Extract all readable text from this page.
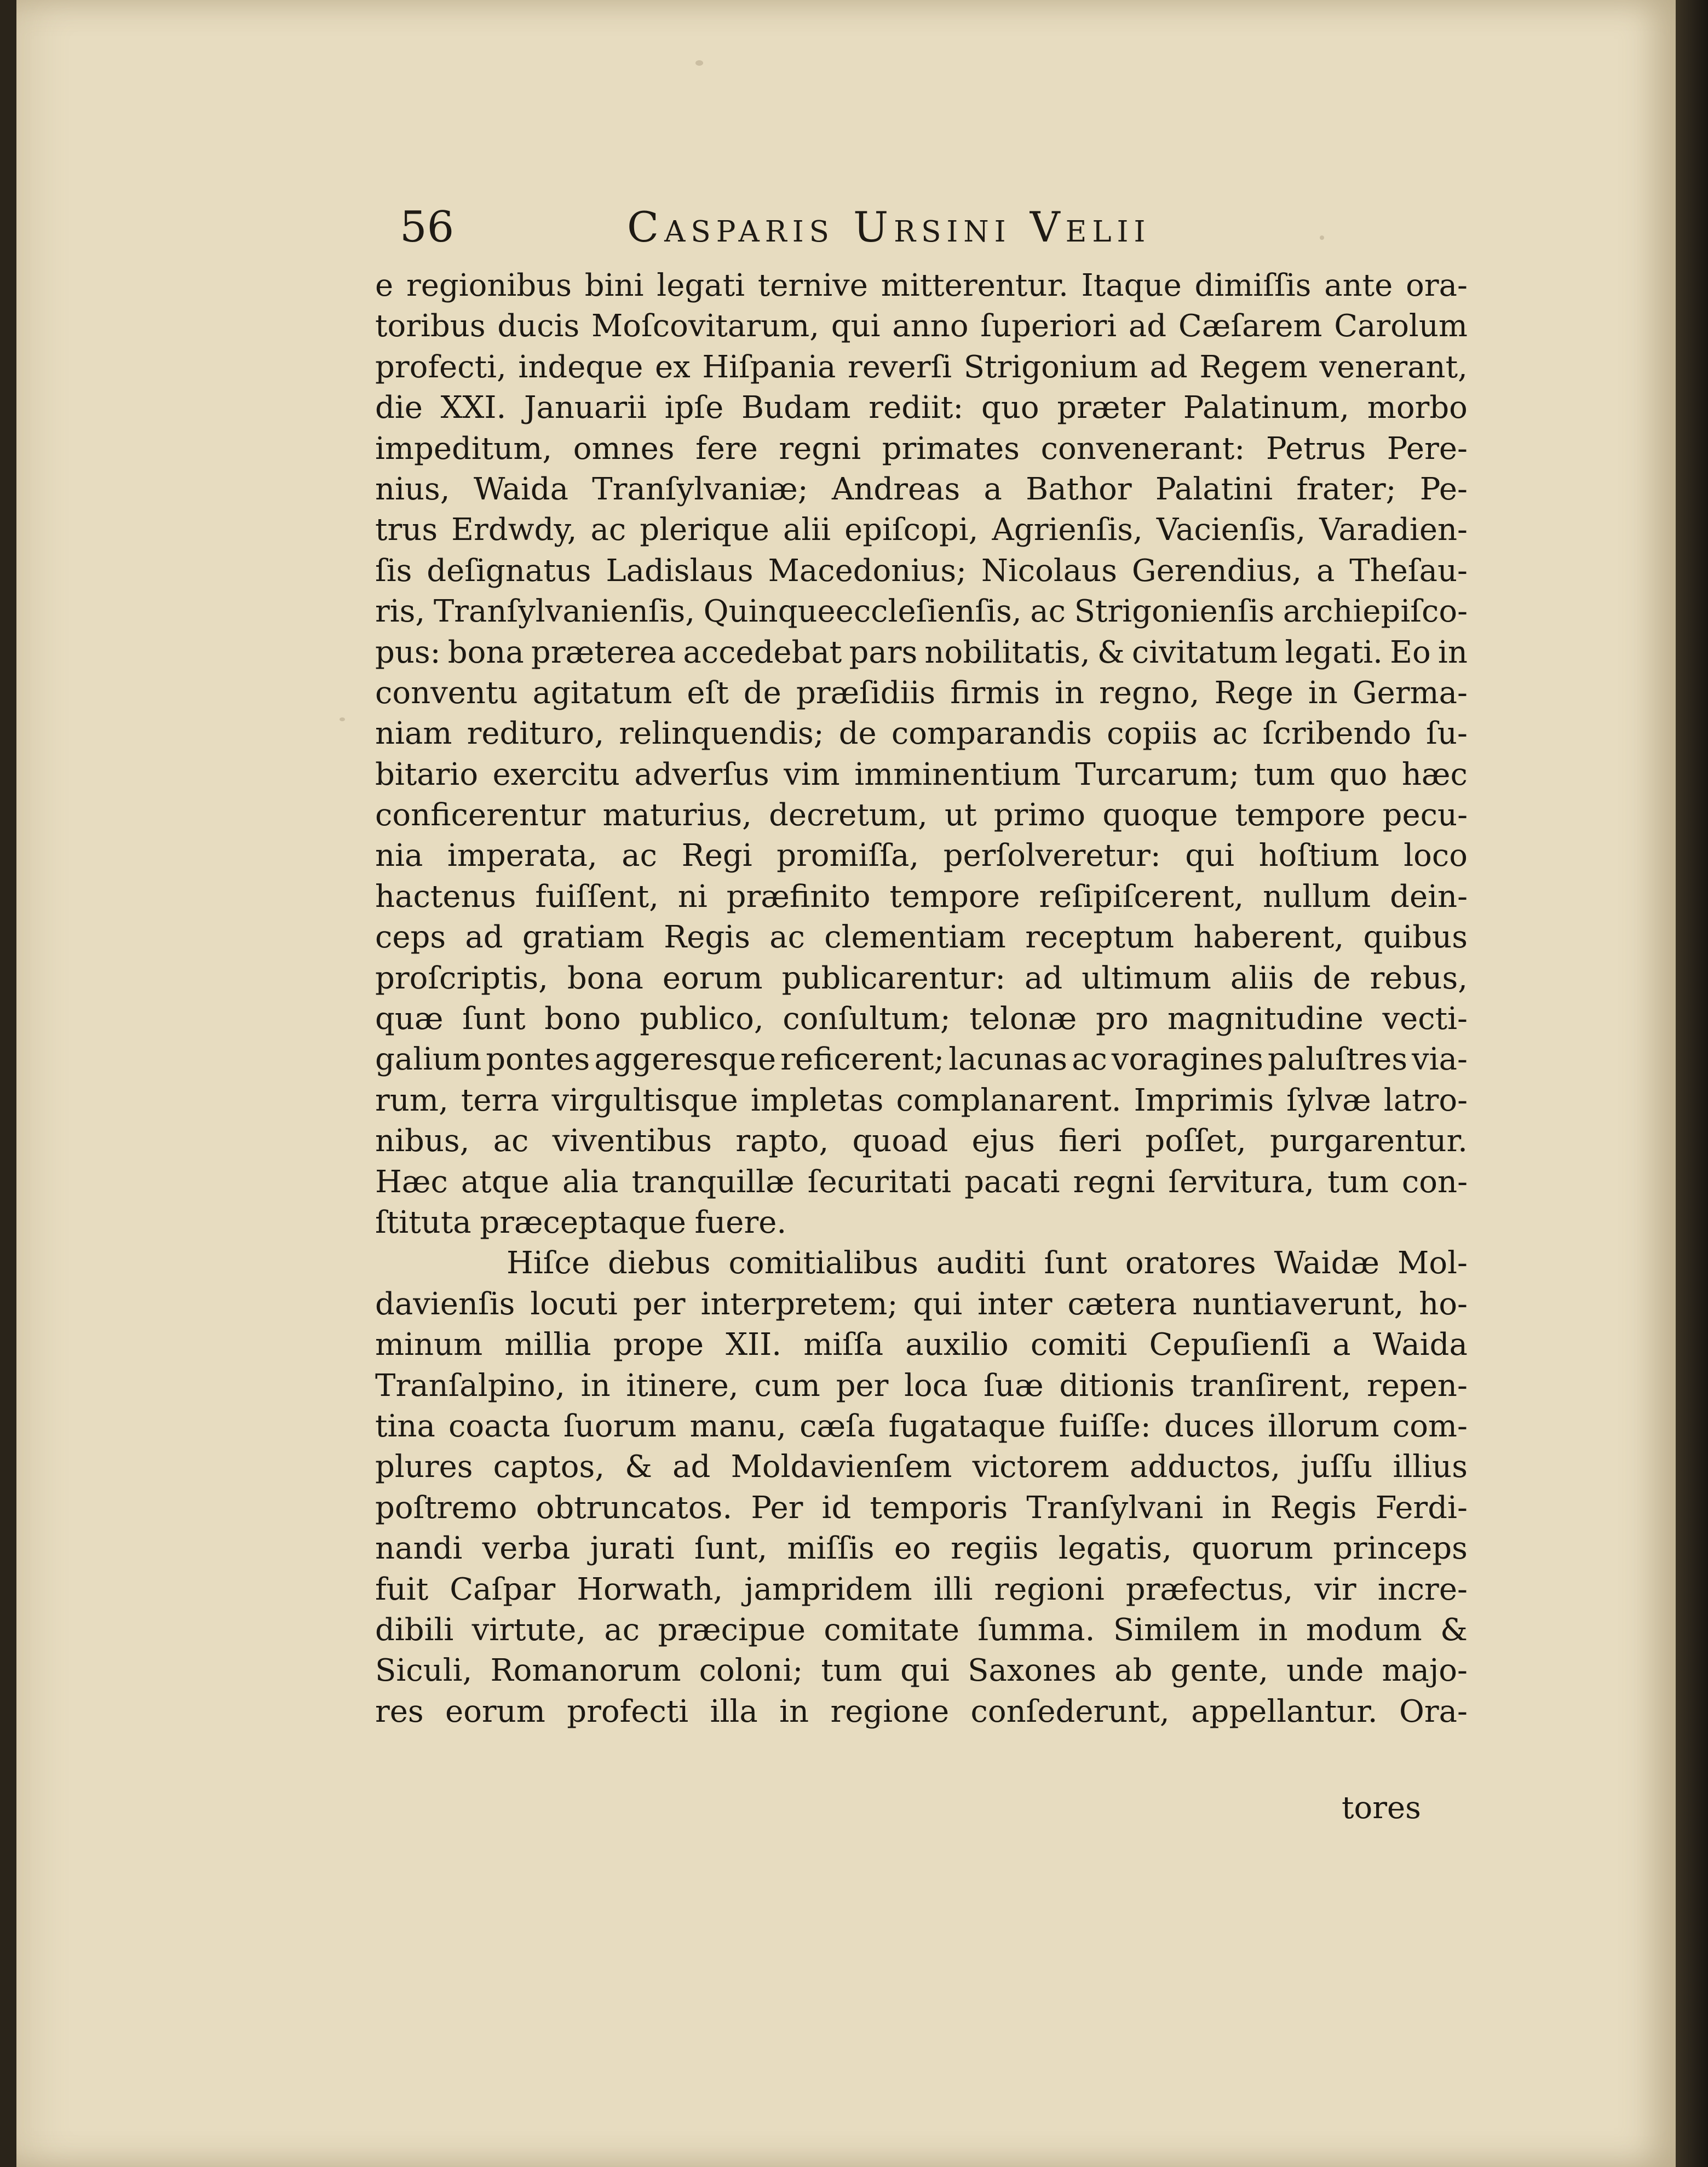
56	Casparis Ursini Velii
e regionibus bini legati ternive mitterentur. Itaque dimiſſis ante ora-
toribus ducis Moſcovitarum, qui anno ſuperiori ad Cæſarem Carolum
profecti, indeque ex Hiſpania reverſi Strigonium ad Regem venerant,
die XXI. Januarii ipſe Budam rediit: quo præter Palatinum, morbo
impeditum, omnes fere regni primates convenerant: Petrus Pere-
nius, Waida Tranſylvaniæ; Andreas a Bathor Palatini frater; Pe-
trus Erdwdy, ac plerique alii epiſcopi, Agrienſis, Vacienſis, Varadien-
ſis deſignatus Ladislaus Macedonius; Nicolaus Gerendius, a Theſau-
ris, Tranſylvanienſis, Quinqueeccleſienſis, ac Strigonienſis archiepiſco-
pus: bona præterea accedebat pars nobilitatis, & civitatum legati. Eo in
conventu agitatum eſt de præſidiis firmis in regno, Rege in Germa-
niam redituro, relinquendis; de comparandis copiis ac ſcribendo ſu-
bitario exercitu adverſus vim imminentium Turcarum; tum quo hæc
conficerentur maturius, decretum, ut primo quoque tempore pecu-
nia imperata, ac Regi promiſſa, perſolveretur: qui hoſtium loco
hactenus fuiſſent, ni præfinito tempore reſipiſcerent, nullum dein-
ceps ad gratiam Regis ac clementiam receptum haberent, quibus
proſcriptis, bona eorum publicarentur: ad ultimum aliis de rebus,
quæ ſunt bono publico, conſultum; telonæ pro magnitudine vecti-
galium pontes aggeresque reficerent; lacunas ac voragines paluſtres via-
rum, terra virgultisque impletas complanarent. Imprimis ſylvæ latro-
nibus, ac viventibus rapto, quoad ejus fieri poſſet, purgarentur.
Hæc atque alia tranquillæ ſecuritati pacati regni ſervitura, tum con-
ſtituta præceptaque fuere.
Hiſce diebus comitialibus auditi ſunt oratores Waidæ Mol-
davienſis locuti per interpretem; qui inter cætera nuntiaverunt, ho-
minum millia prope XII. miſſa auxilio comiti Cepuſienſi a Waida
Tranſalpino, in itinere, cum per loca ſuæ ditionis tranſirent, repen-
tina coacta ſuorum manu, cæſa fugataque fuiſſe: duces illorum com-
plures captos, & ad Moldavienſem victorem adductos, juſſu illius
poſtremo obtruncatos. Per id temporis Tranſylvani in Regis Ferdi-
nandi verba jurati ſunt, miſſis eo regiis legatis, quorum princeps
fuit Caſpar Horwath, jampridem illi regioni præfectus, vir incre-
dibili virtute, ac præcipue comitate ſumma. Similem in modum &
Siculi, Romanorum coloni; tum qui Saxones ab gente, unde majo-
res eorum profecti illa in regione conſederunt, appellantur. Ora-
tores
